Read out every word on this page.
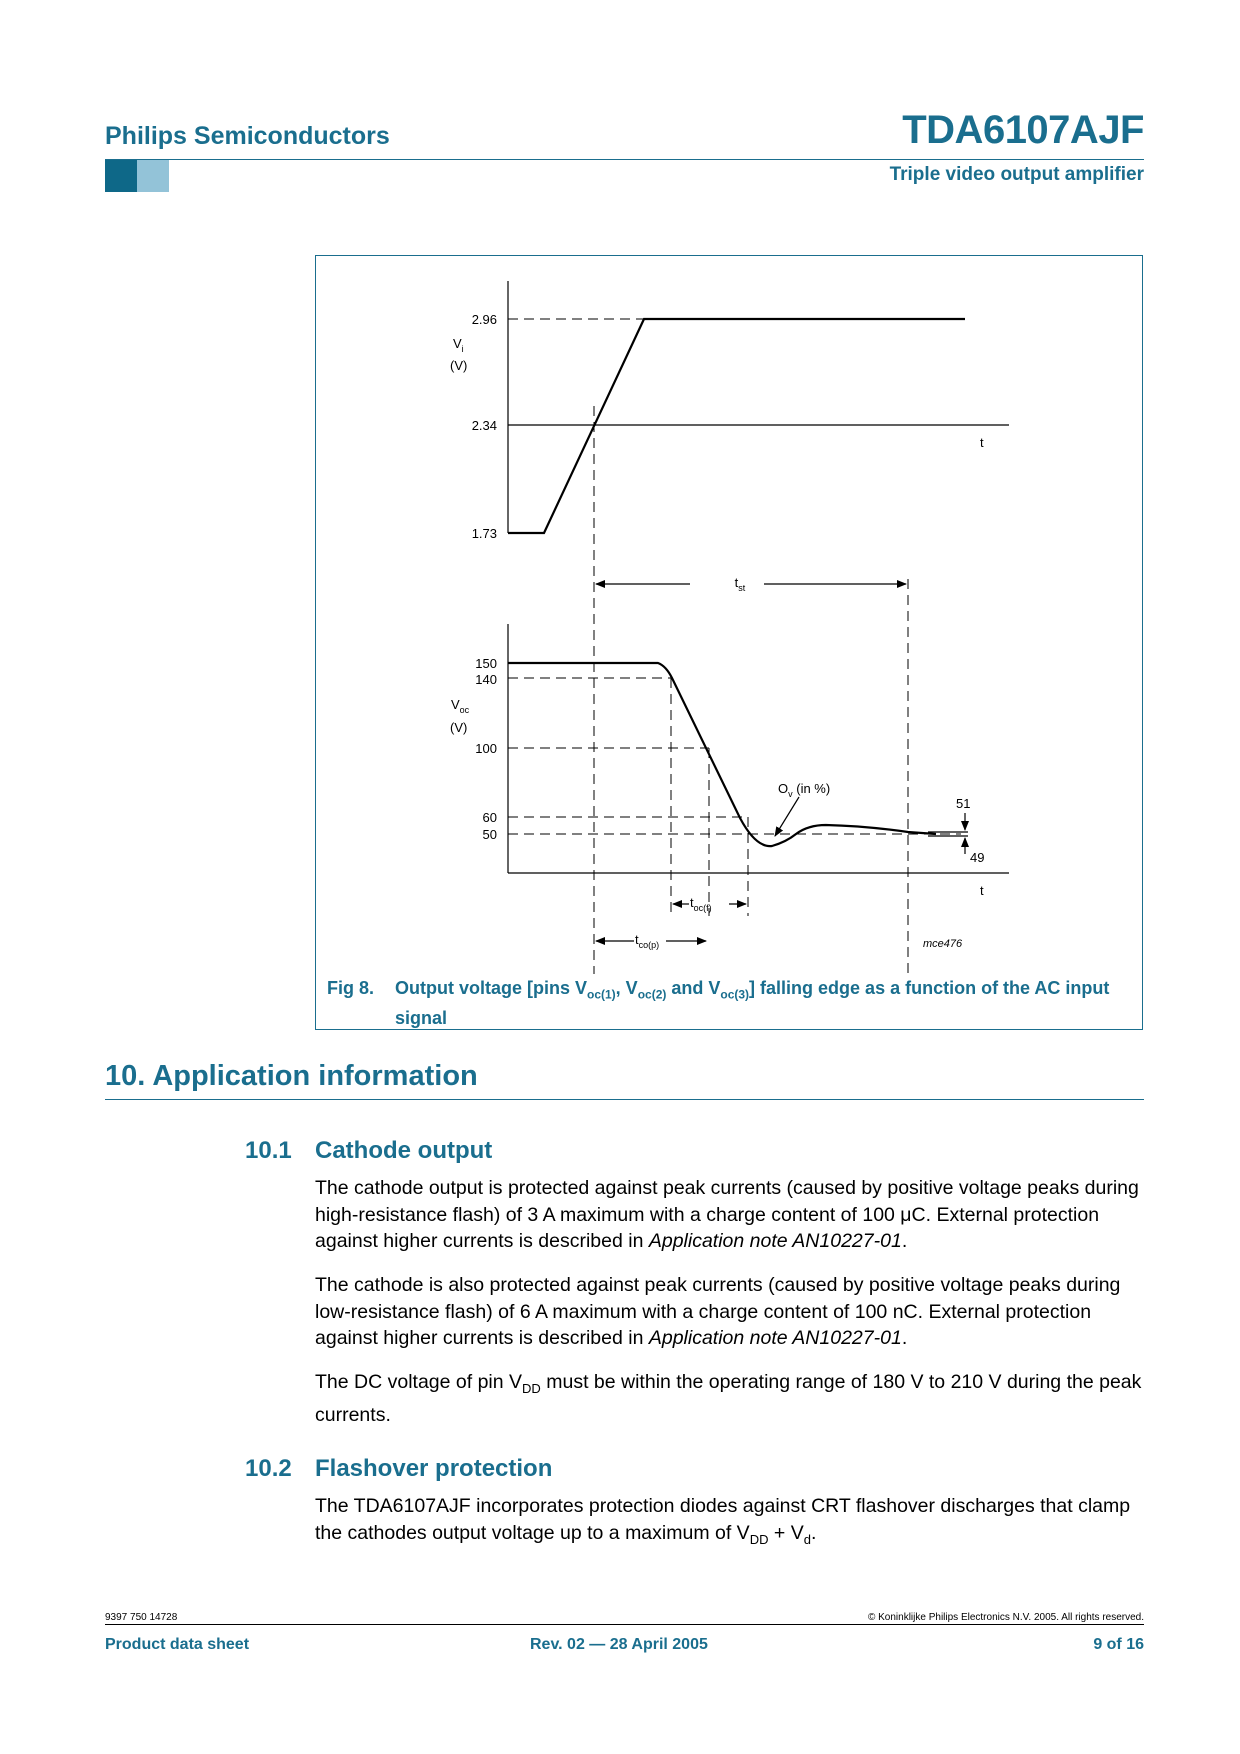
Philips Semiconductors	TDA6107AJF
Triple video output amplifier
2.96
2.34
1.73
$V_i$
(V)
t
$t_{st}$
51
49
$O_v$ (in %)
150
140
100
60
50
$V_{oc}$
(V)
t
$t_{oc(f)}$
$t_{co(p)}$	mce476
Fig 8. Output voltage [pins $V_{oc(1)}$, $V_{oc(2)}$ and $V_{oc(3)}$] falling edge as a function of the AC input signal
10. Application information
10.1 Cathode output
The cathode output is protected against peak currents (caused by positive voltage peaks during high-resistance flash) of 3 A maximum with a charge content of 100 μC. External protection against higher currents is described in Application note AN10227-01.
The cathode is also protected against peak currents (caused by positive voltage peaks during low-resistance flash) of 6 A maximum with a charge content of 100 nC. External protection against higher currents is described in Application note AN10227-01.
The DC voltage of pin $V_{DD}$ must be within the operating range of 180 V to 210 V during the peak currents.
10.2 Flashover protection
The TDA6107AJF incorporates protection diodes against CRT flashover discharges that clamp the cathodes output voltage up to a maximum of $V_{DD} + V_d$.
9397 750 14728	© Koninklijke Philips Electronics N.V. 2005. All rights reserved.
Product data sheet	Rev. 02 — 28 April 2005	9 of 16
